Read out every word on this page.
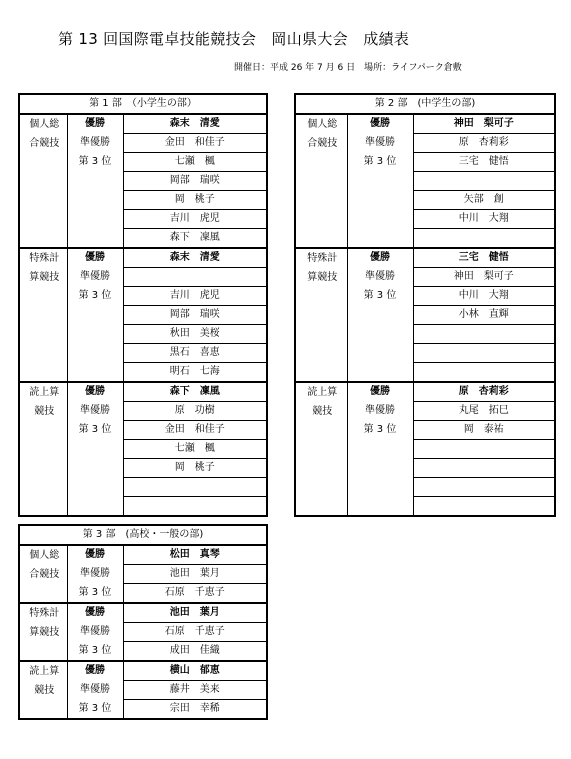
第 13 回国際電卓技能競技会　岡山県大会　成績表
開催日：平成 26 年 7 月 6 日　場所：ライフパーク倉敷
第 1 部　（小学生の部）		

個人総
合競技	優勝	森末　清愛
	準優勝	金田　和佳子
	第 3 位	七瀬　楓
		岡部　瑞咲
		岡　桃子
		吉川　虎児
		森下　凜風

特殊計
算競技	優勝	森末　清愛
	準優勝	
	第 3 位	吉川　虎児
		岡部　瑞咲
		秋田　美桜
		黒石　喜恵
		明石　七海

読上算
競技	優勝	森下　凜風
	準優勝	原　功樹
	第 3 位	金田　和佳子
		七瀬　楓
		岡　桃子

第 2 部　(中学生の部)		

個人総
合競技	優勝	神田　梨可子
	準優勝	原　杏莉彩
	第 3 位	三宅　健悟

		矢部　創
		中川　大翔

特殊計
算競技	優勝	三宅　健悟
	準優勝	神田　梨可子
	第 3 位	中川　大翔
		小林　直輝

読上算
競技	優勝	原　杏莉彩
	準優勝	丸尾　拓巳
	第 3 位	岡　泰祐

第 3 部　(高校・一般の部)		

個人総
合競技	優勝	松田　真琴
	準優勝	池田　葉月
	第 3 位	石原　千恵子

特殊計
算競技	優勝	池田　葉月
	準優勝	石原　千恵子
	第 3 位	成田　佳織

読上算
競技	優勝	横山　郁恵
	準優勝	藤井　美来
	第 3 位	宗田　幸稀
